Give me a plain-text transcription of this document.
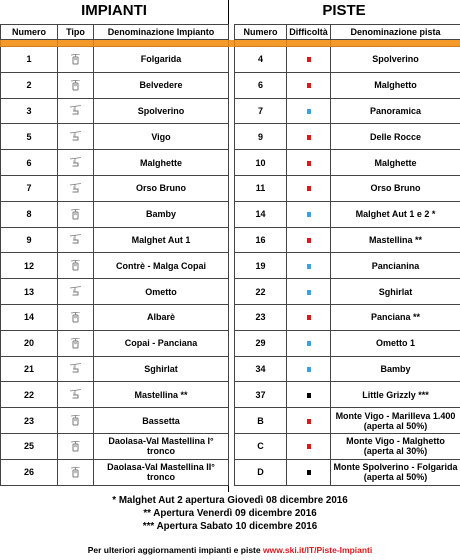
IMPIANTI	PISTE
Numero	Tipo	Denominazione Impianto		Numero	Difficoltà	Denominazione pista

1		Folgarida		4		Spolverino

2		Belvedere		6		Malghetto

3		Spolverino		7		Panoramica

5		Vigo		9		Delle Rocce

6		Malghette		10		Malghette

7		Orso Bruno		11		Orso Bruno

8		Bamby		14		Malghet Aut 1 e 2 *

9		Malghet Aut 1		16		Mastellina **

12		Contrè - Malga Copai		19		Pancianina

13		Ometto		22		Sghirlat

14		Albarè		23		Panciana **

20		Copai - Panciana		29		Ometto 1

21		Sghirlat		34		Bamby

22		Mastellina **		37		Little Grizzly ***

23		Bassetta		B		Monte Vigo - Marilleva 1.400 (aperta al 50%)

25		Daolasa-Val Mastellina I° tronco		C		Monte Vigo - Malghetto (aperta al 30%)

26		Daolasa-Val Mastellina II° tronco		D		Monte Spolverino - Folgarida (aperta al 50%)
* Malghet Aut 2 apertura Giovedì 08 dicembre 2016
** Apertura Venerdì 09 dicembre 2016
*** Apertura Sabato 10 dicembre 2016
Per ulteriori aggiornamenti impianti e piste www.ski.it/IT/Piste-Impianti
